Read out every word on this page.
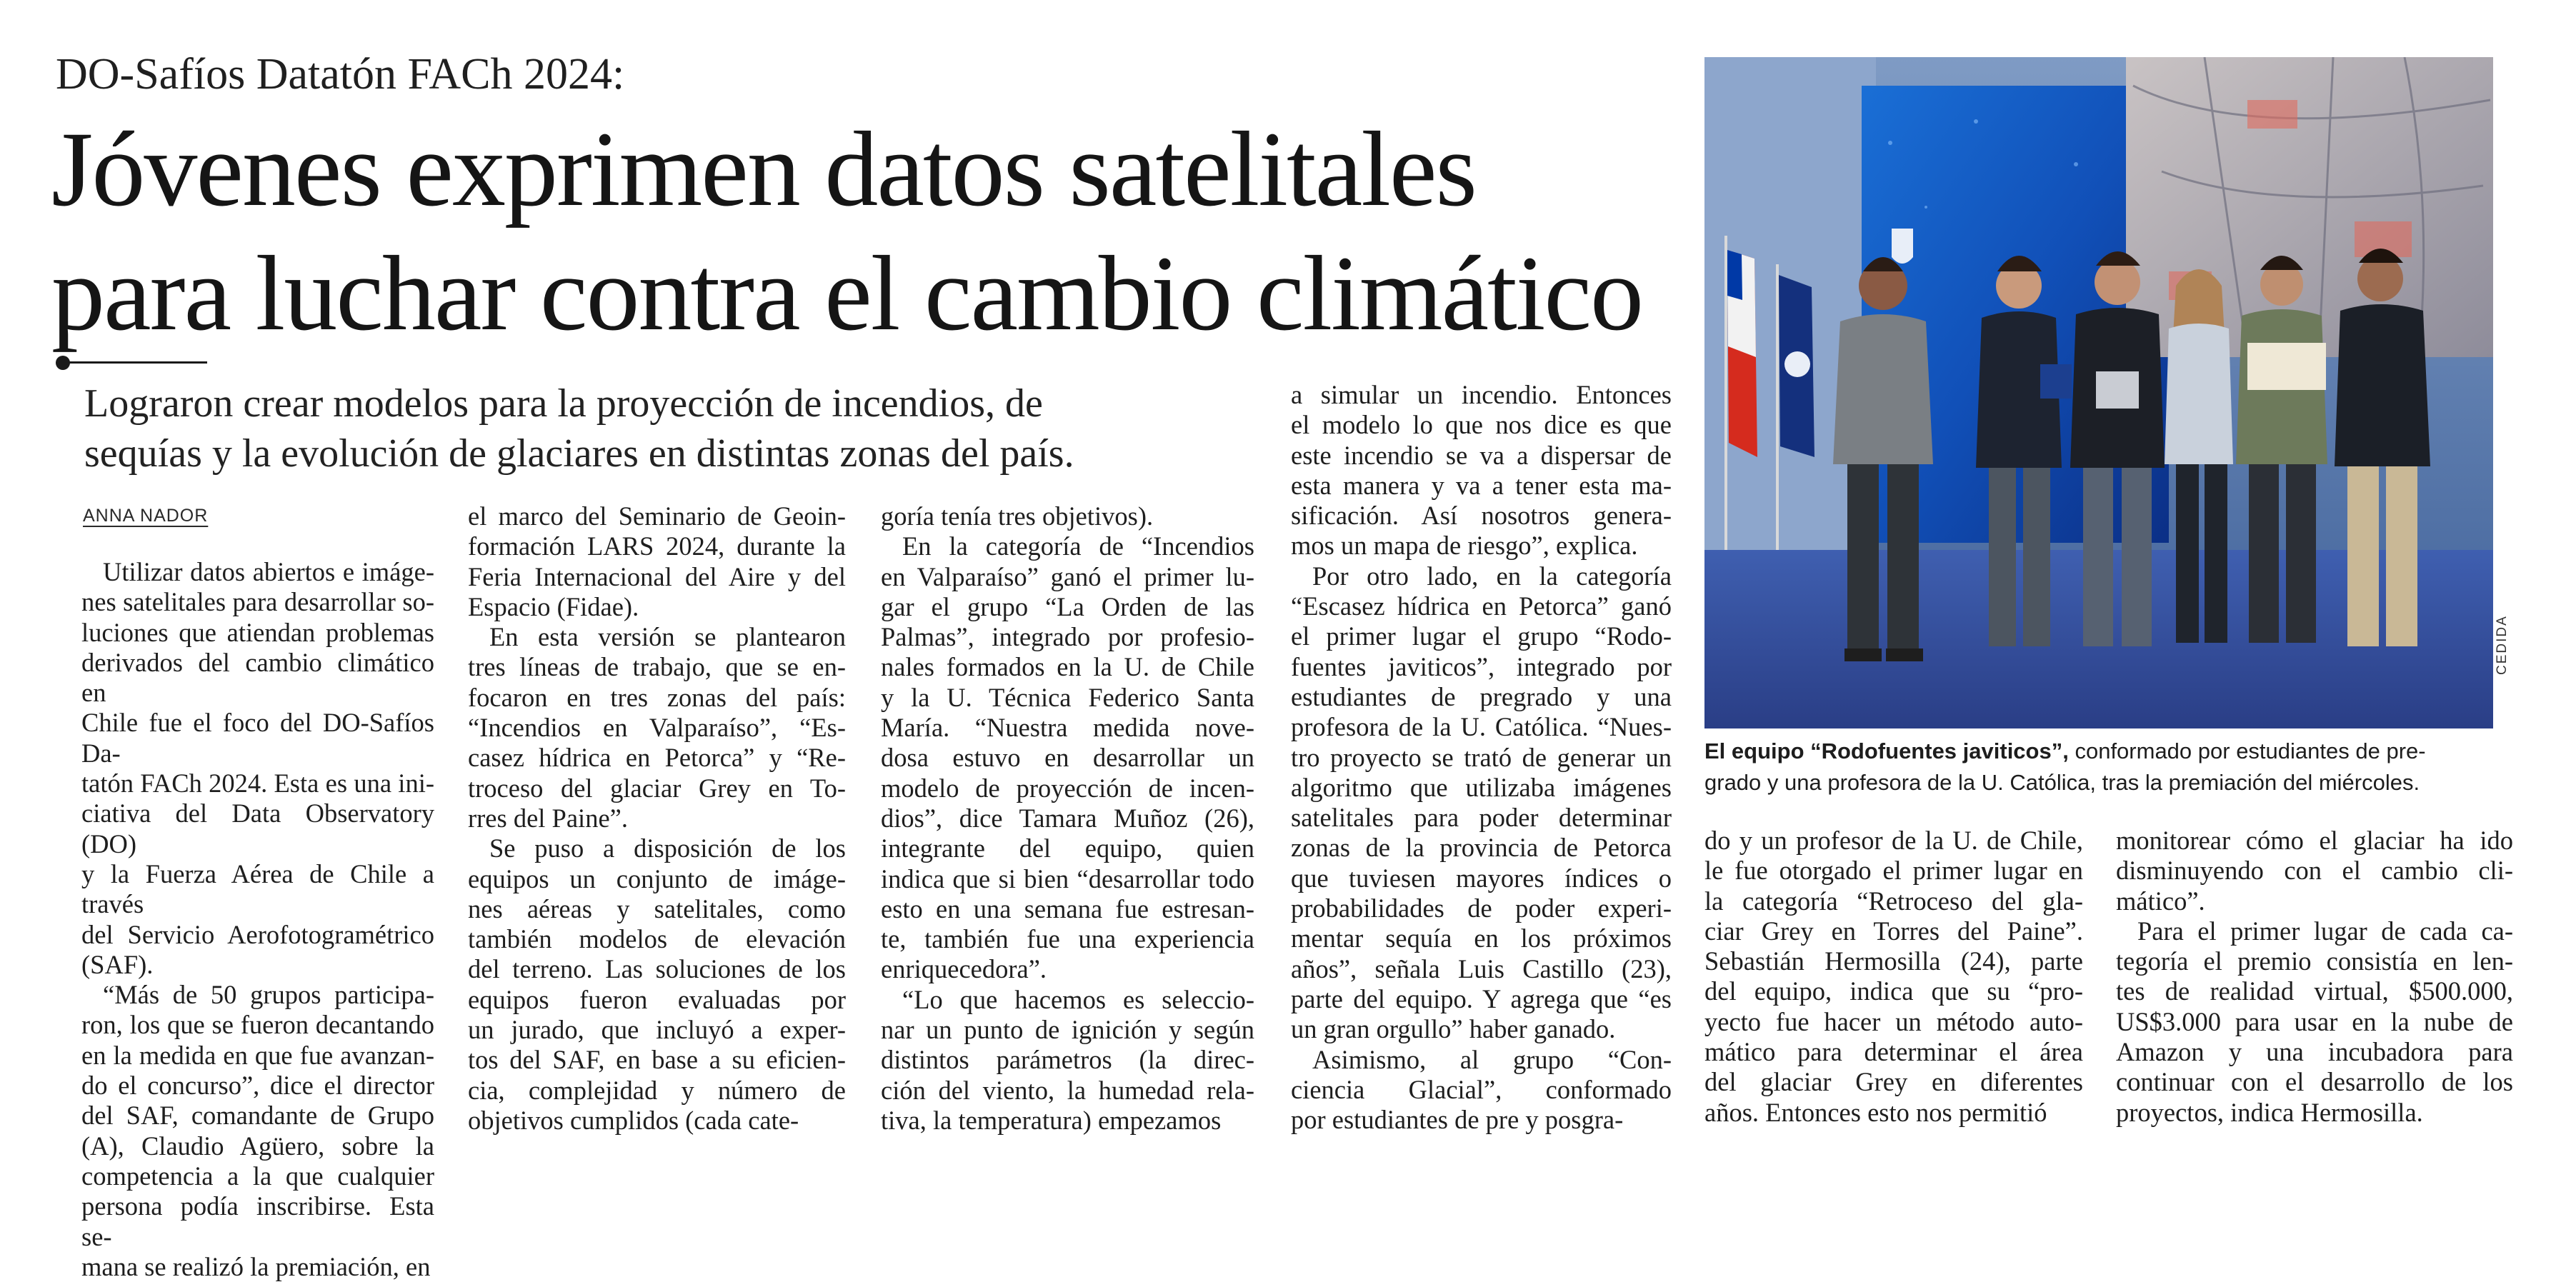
DO-Safíos Datatón FACh 2024:
Jóvenes exprimen datos satelitales
para luchar contra el cambio climático
Lograron crear modelos para la proyección de incendios, de
sequías y la evolución de glaciares en distintas zonas del país.
ANNA NADOR

Utilizar datos abiertos e imáge-
nes satelitales para desarrollar so-
luciones que atiendan problemas
derivados del cambio climático en
Chile fue el foco del DO-Safíos Da-
tatón FACh 2024. Esta es una ini-
ciativa del Data Observatory (DO)
y la Fuerza Aérea de Chile a través
del Servicio Aerofotogramétrico
(SAF).

“Más de 50 grupos participa-
ron, los que se fueron decantando
en la medida en que fue avanzan-
do el concurso”, dice el director
del SAF, comandante de Grupo
(A), Claudio Agüero, sobre la
competencia a la que cualquier
persona podía inscribirse. Esta se-
mana se realizó la premiación, en

el marco del Seminario de Geoin-
formación LARS 2024, durante la
Feria Internacional del Aire y del
Espacio (Fidae).

En esta versión se plantearon
tres líneas de trabajo, que se en-
focaron en tres zonas del país:
“Incendios en Valparaíso”, “Es-
casez hídrica en Petorca” y “Re-
troceso del glaciar Grey en To-
rres del Paine”.

Se puso a disposición de los
equipos un conjunto de imáge-
nes aéreas y satelitales, como
también modelos de elevación
del terreno. Las soluciones de los
equipos fueron evaluadas por
un jurado, que incluyó a exper-
tos del SAF, en base a su eficien-
cia, complejidad y número de
objetivos cumplidos (cada cate-

goría tenía tres objetivos).

En la categoría de “Incendios
en Valparaíso” ganó el primer lu-
gar el grupo “La Orden de las
Palmas”, integrado por profesio-
nales formados en la U. de Chile
y la U. Técnica Federico Santa
María. “Nuestra medida nove-
dosa estuvo en desarrollar un
modelo de proyección de incen-
dios”, dice Tamara Muñoz (26),
integrante del equipo, quien
indica que si bien “desarrollar todo
esto en una semana fue estresan-
te, también fue una experiencia
enriquecedora”.

“Lo que hacemos es seleccio-
nar un punto de ignición y según
distintos parámetros (la direc-
ción del viento, la humedad rela-
tiva, la temperatura) empezamos

a simular un incendio. Entonces
el modelo lo que nos dice es que
este incendio se va a dispersar de
esta manera y va a tener esta ma-
sificación. Así nosotros genera-
mos un mapa de riesgo”, explica.

Por otro lado, en la categoría
“Escasez hídrica en Petorca” ganó
el primer lugar el grupo “Rodo-
fuentes javiticos”, integrado por
estudiantes de pregrado y una
profesora de la U. Católica. “Nues-
tro proyecto se trató de generar un
algoritmo que utilizaba imágenes
satelitales para poder determinar
zonas de la provincia de Petorca
que tuviesen mayores índices o
probabilidades de poder experi-
mentar sequía en los próximos
años”, señala Luis Castillo (23),
parte del equipo. Y agrega que “es
un gran orgullo” haber ganado.

Asimismo, al grupo “Con-
ciencia Glacial”, conformado
por estudiantes de pre y posgra-

do y un profesor de la U. de Chile,
le fue otorgado el primer lugar en
la categoría “Retroceso del gla-
ciar Grey en Torres del Paine”.
Sebastián Hermosilla (24), parte
del equipo, indica que su “pro-
yecto fue hacer un método auto-
mático para determinar el área
del glaciar Grey en diferentes
años. Entonces esto nos permitió

monitorear cómo el glaciar ha ido
disminuyendo con el cambio cli-
mático”.

Para el primer lugar de cada ca-
tegoría el premio consistía en len-
tes de realidad virtual, $500.000,
US$3.000 para usar en la nube de
Amazon y una incubadora para
continuar con el desarrollo de los
proyectos, indica Hermosilla.

CEDIDA
El equipo “Rodofuentes javiticos”, conformado por estudiantes de pre-
grado y una profesora de la U. Católica, tras la premiación del miércoles.
